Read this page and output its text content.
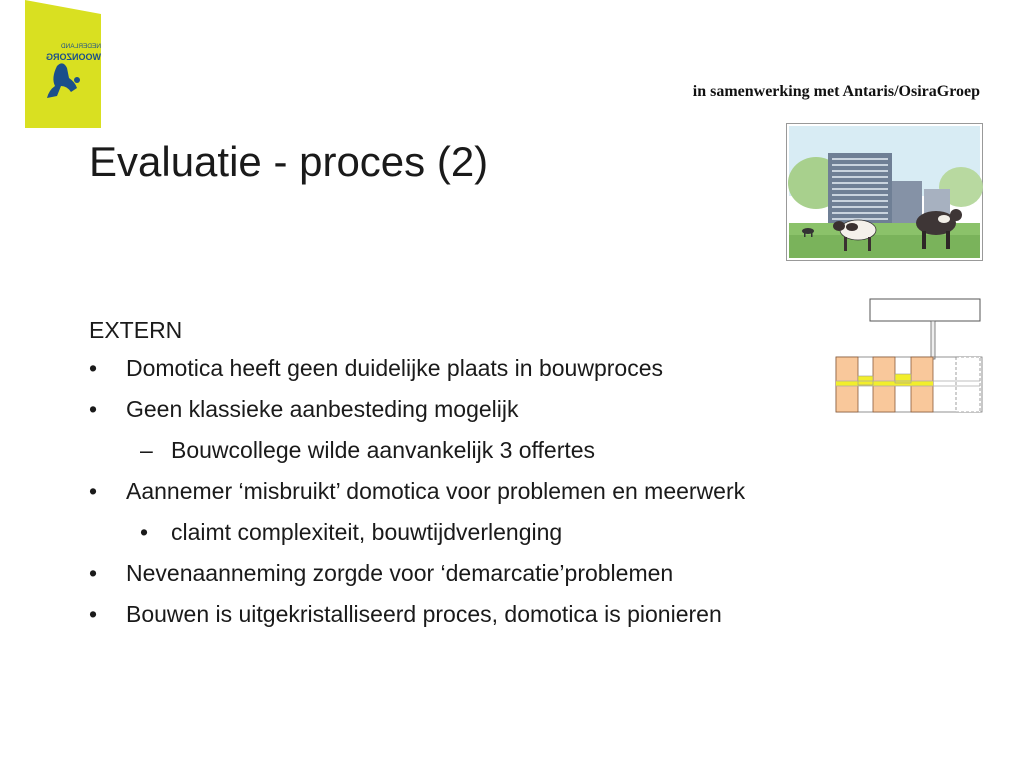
NEDERLAND
WOONZORG
in samenwerking met Antaris/OsiraGroep
Evaluatie - proces (2)
EXTERN
• Domotica heeft geen duidelijke plaats in bouwproces
• Geen klassieke aanbesteding mogelijk
– Bouwcollege wilde aanvankelijk 3 offertes
• Aannemer ‘misbruikt’ domotica voor problemen en meerwerk
• claimt complexiteit, bouwtijdverlenging
• Nevenaanneming zorgde voor ‘demarcatie’problemen
• Bouwen is uitgekristalliseerd proces, domotica is pionieren
